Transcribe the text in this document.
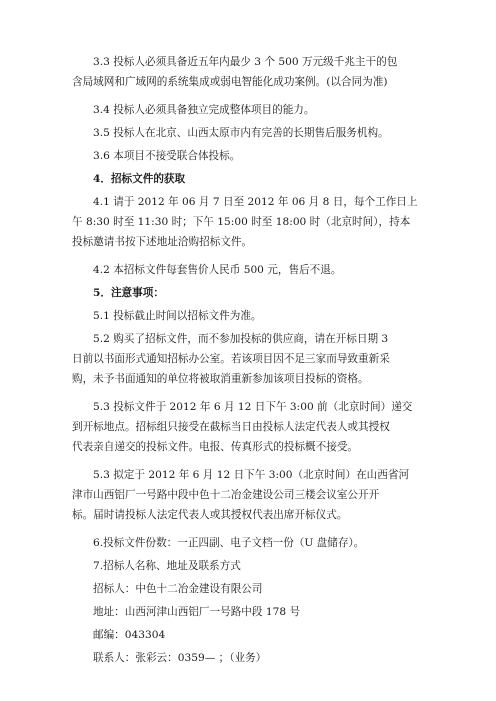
3.3 投标人必须具备近五年内最少 3 个 500 万元级千兆主干的包
含局域网和广域网的系统集成或弱电智能化成功案例。(以合同为准)

3.4 投标人必须具备独立完成整体项目的能力。

3.5 投标人在北京、山西太原市内有完善的长期售后服务机构。

3.6 本项目不接受联合体投标。

4．招标文件的获取

4.1 请于 2012 年 06 月 7 日至 2012 年 06 月 8 日，每个工作日上
午 8:30 时至 11:30 时；下午 15:00 时至 18:00 时（北京时间），持本
投标邀请书按下述地址洽购招标文件。

4.2 本招标文件每套售价人民币 500 元，售后不退。

5．注意事项：

5.1 投标截止时间以招标文件为准。

5.2 购买了招标文件，而不参加投标的供应商，请在开标日期 3
日前以书面形式通知招标办公室。若该项目因不足三家而导致重新采
购，未予书面通知的单位将被取消重新参加该项目投标的资格。

5.3 投标文件于 2012 年 6 月 12 日下午 3:00 前（北京时间）递交
到开标地点。招标组只接受在截标当日由投标人法定代表人或其授权
代表亲自递交的投标文件。电报、传真形式的投标概不接受。

5.3 拟定于 2012 年 6 月 12 日下午 3:00（北京时间）在山西省河
津市山西铝厂一号路中段中色十二冶金建设公司三楼会议室公开开
标。届时请投标人法定代表人或其授权代表出席开标仪式。

6.投标文件份数：一正四副、电子文档一份（U 盘储存）。

7.招标人名称、地址及联系方式

招标人：中色十二冶金建设有限公司

地址：山西河津山西铝厂一号路中段 178 号

邮编：043304

联系人：张彩云：0359— ；（业务）
